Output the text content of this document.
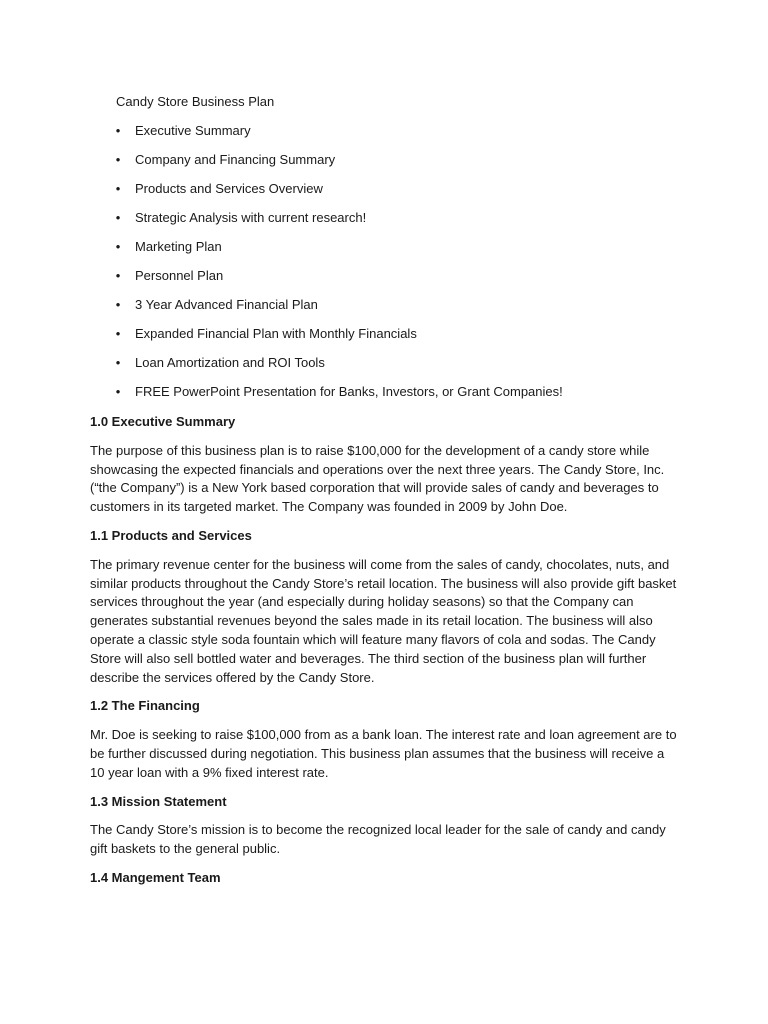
Candy Store Business Plan
• Executive Summary
• Company and Financing Summary
• Products and Services Overview
• Strategic Analysis with current research!
• Marketing Plan
• Personnel Plan
• 3 Year Advanced Financial Plan
• Expanded Financial Plan with Monthly Financials
• Loan Amortization and ROI Tools
• FREE PowerPoint Presentation for Banks, Investors, or Grant Companies!
1.0 Executive Summary

The purpose of this business plan is to raise $100,000 for the development of a candy store while showcasing the expected financials and operations over the next three years. The Candy Store, Inc. (“the Company”) is a New York based corporation that will provide sales of candy and beverages to customers in its targeted market. The Company was founded in 2009 by John Doe.

1.1 Products and Services

The primary revenue center for the business will come from the sales of candy, chocolates, nuts, and similar products throughout the Candy Store’s retail location. The business will also provide gift basket services throughout the year (and especially during holiday seasons) so that the Company can generates substantial revenues beyond the sales made in its retail location. The business will also operate a classic style soda fountain which will feature many flavors of cola and sodas. The Candy Store will also sell bottled water and beverages. The third section of the business plan will further describe the services offered by the Candy Store.

1.2 The Financing

Mr. Doe is seeking to raise $100,000 from as a bank loan. The interest rate and loan agreement are to be further discussed during negotiation. This business plan assumes that the business will receive a 10 year loan with a 9% fixed interest rate.

1.3 Mission Statement

The Candy Store’s mission is to become the recognized local leader for the sale of candy and candy gift baskets to the general public.

1.4 Mangement Team
